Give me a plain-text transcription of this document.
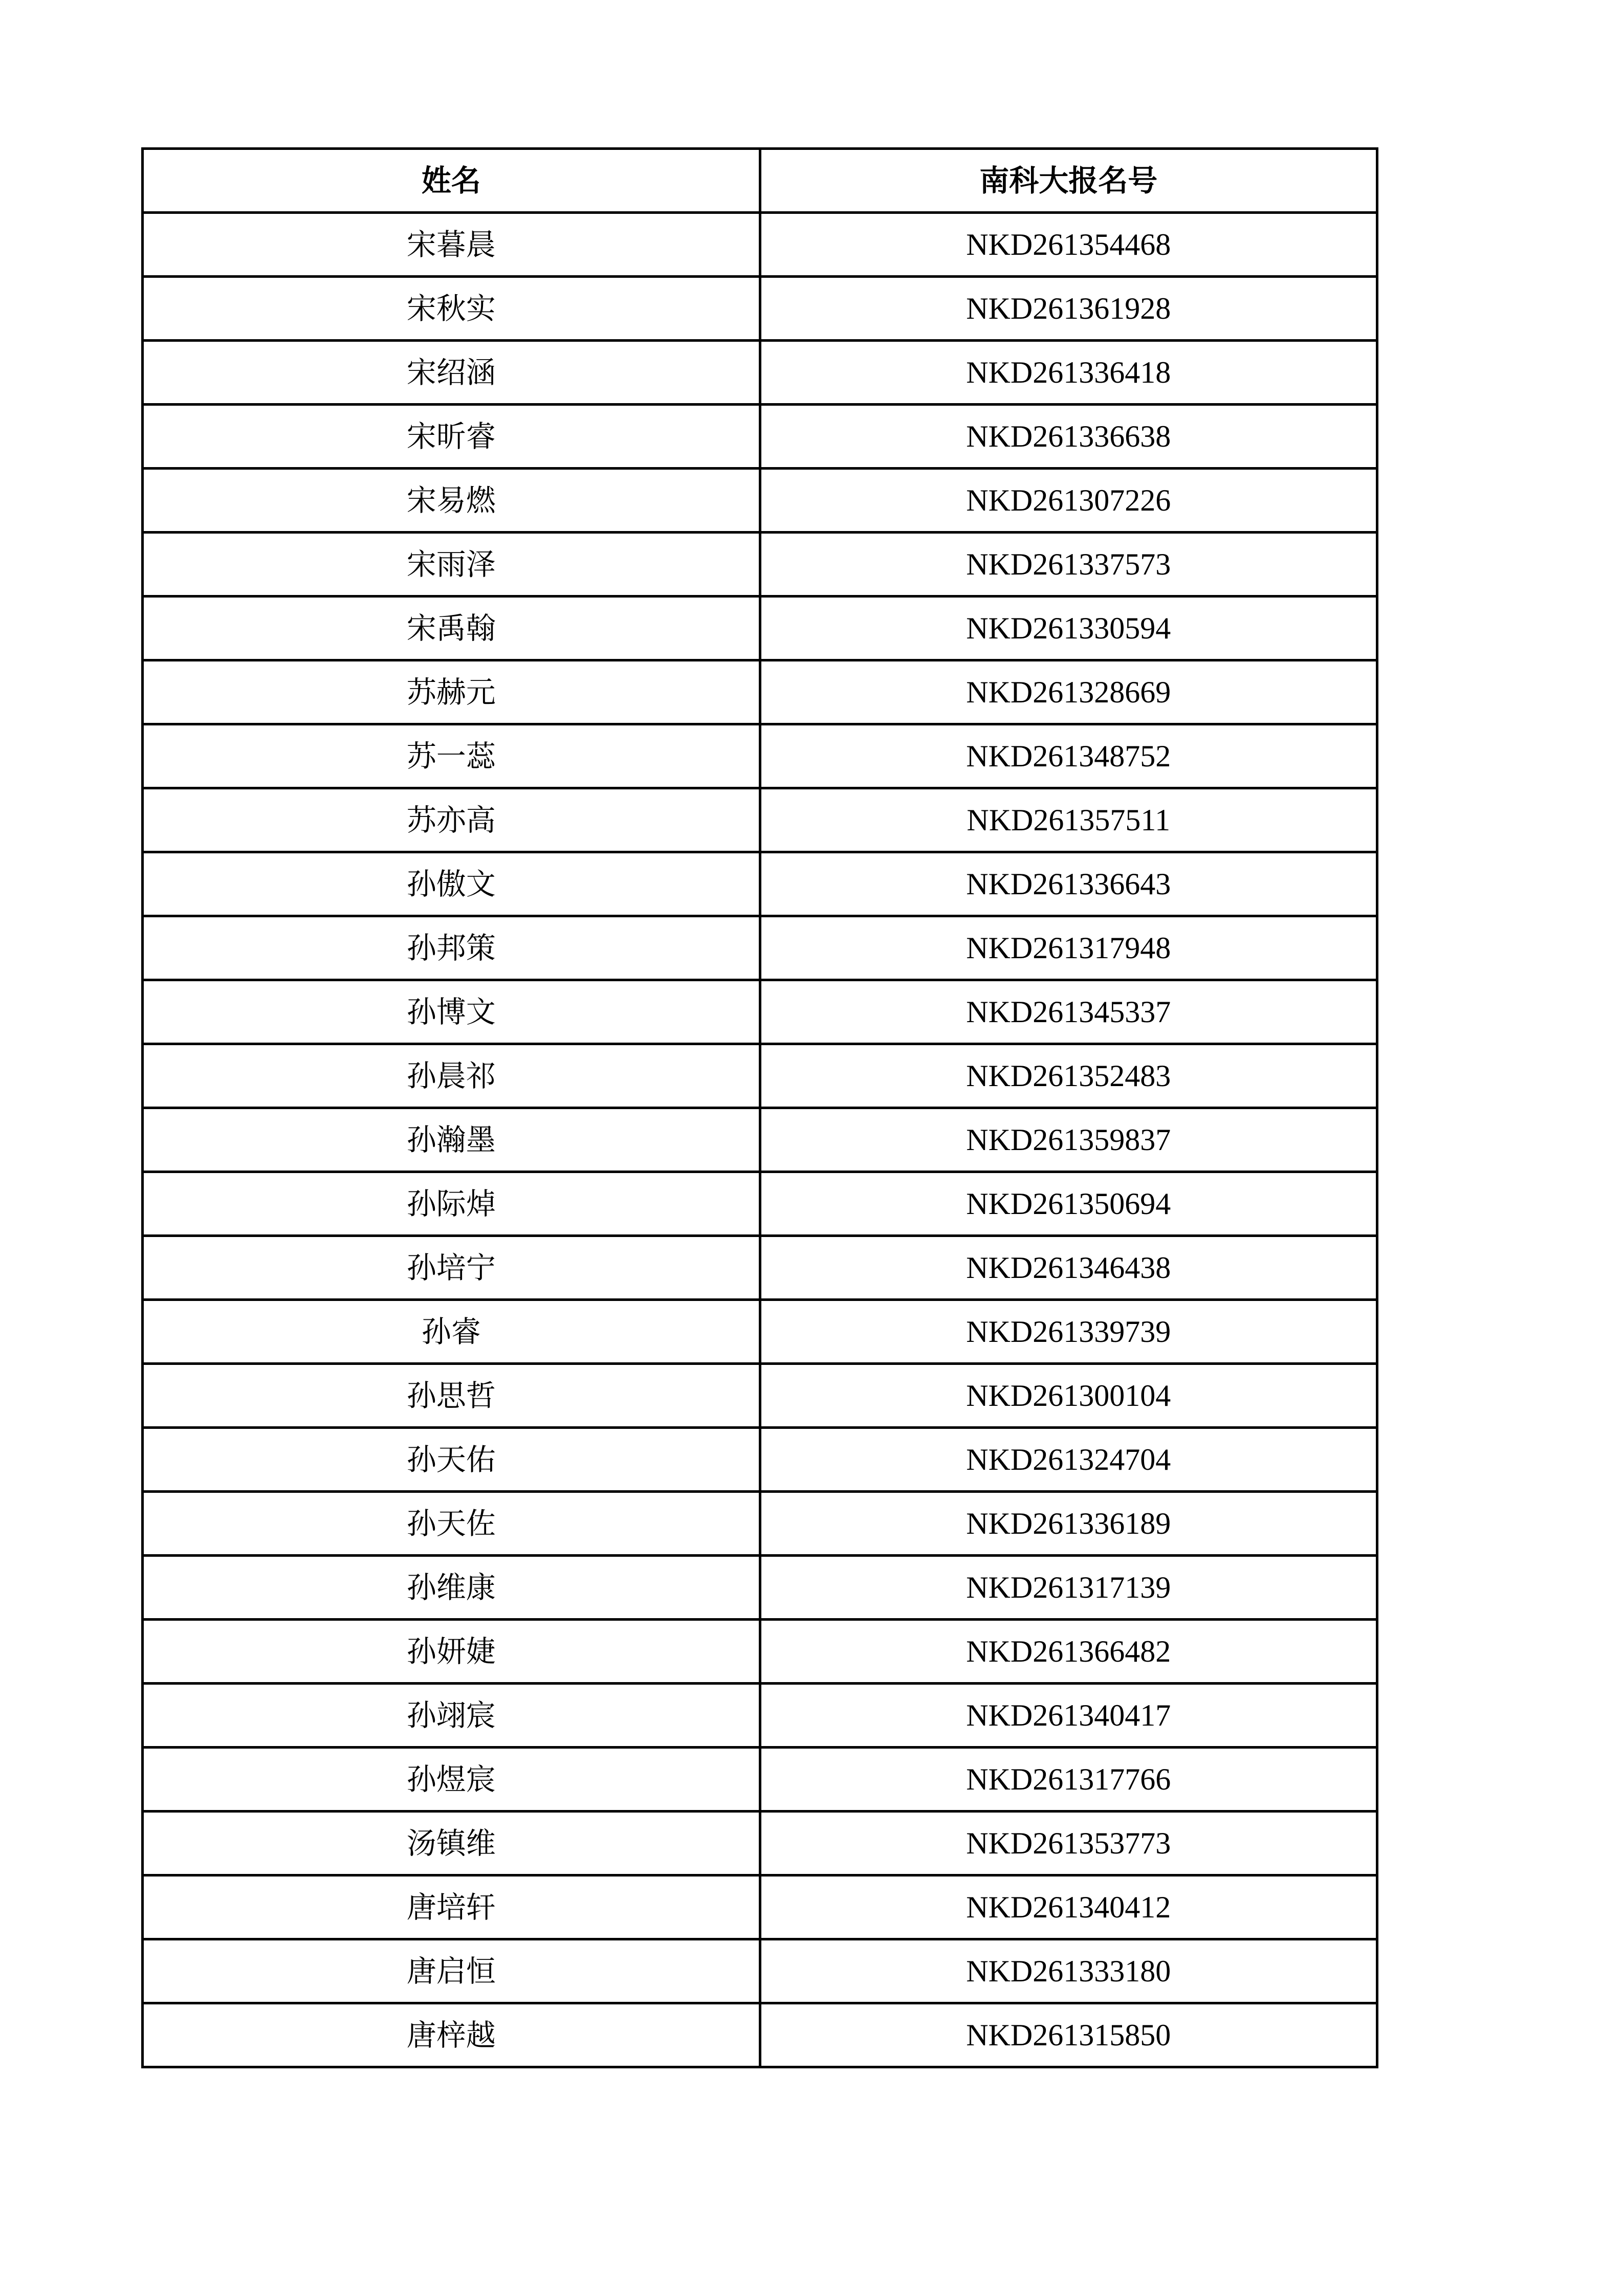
姓名	南科大报名号
宋暮晨	NKD261354468
宋秋实	NKD261361928
宋绍涵	NKD261336418
宋昕睿	NKD261336638
宋易燃	NKD261307226
宋雨泽	NKD261337573
宋禹翰	NKD261330594
苏赫元	NKD261328669
苏一蕊	NKD261348752
苏亦高	NKD261357511
孙傲文	NKD261336643
孙邦策	NKD261317948
孙博文	NKD261345337
孙晨祁	NKD261352483
孙瀚墨	NKD261359837
孙际焯	NKD261350694
孙培宁	NKD261346438
孙睿	NKD261339739
孙思哲	NKD261300104
孙天佑	NKD261324704
孙天佐	NKD261336189
孙维康	NKD261317139
孙妍婕	NKD261366482
孙翊宸	NKD261340417
孙煜宸	NKD261317766
汤镇维	NKD261353773
唐培轩	NKD261340412
唐启恒	NKD261333180
唐梓越	NKD261315850
